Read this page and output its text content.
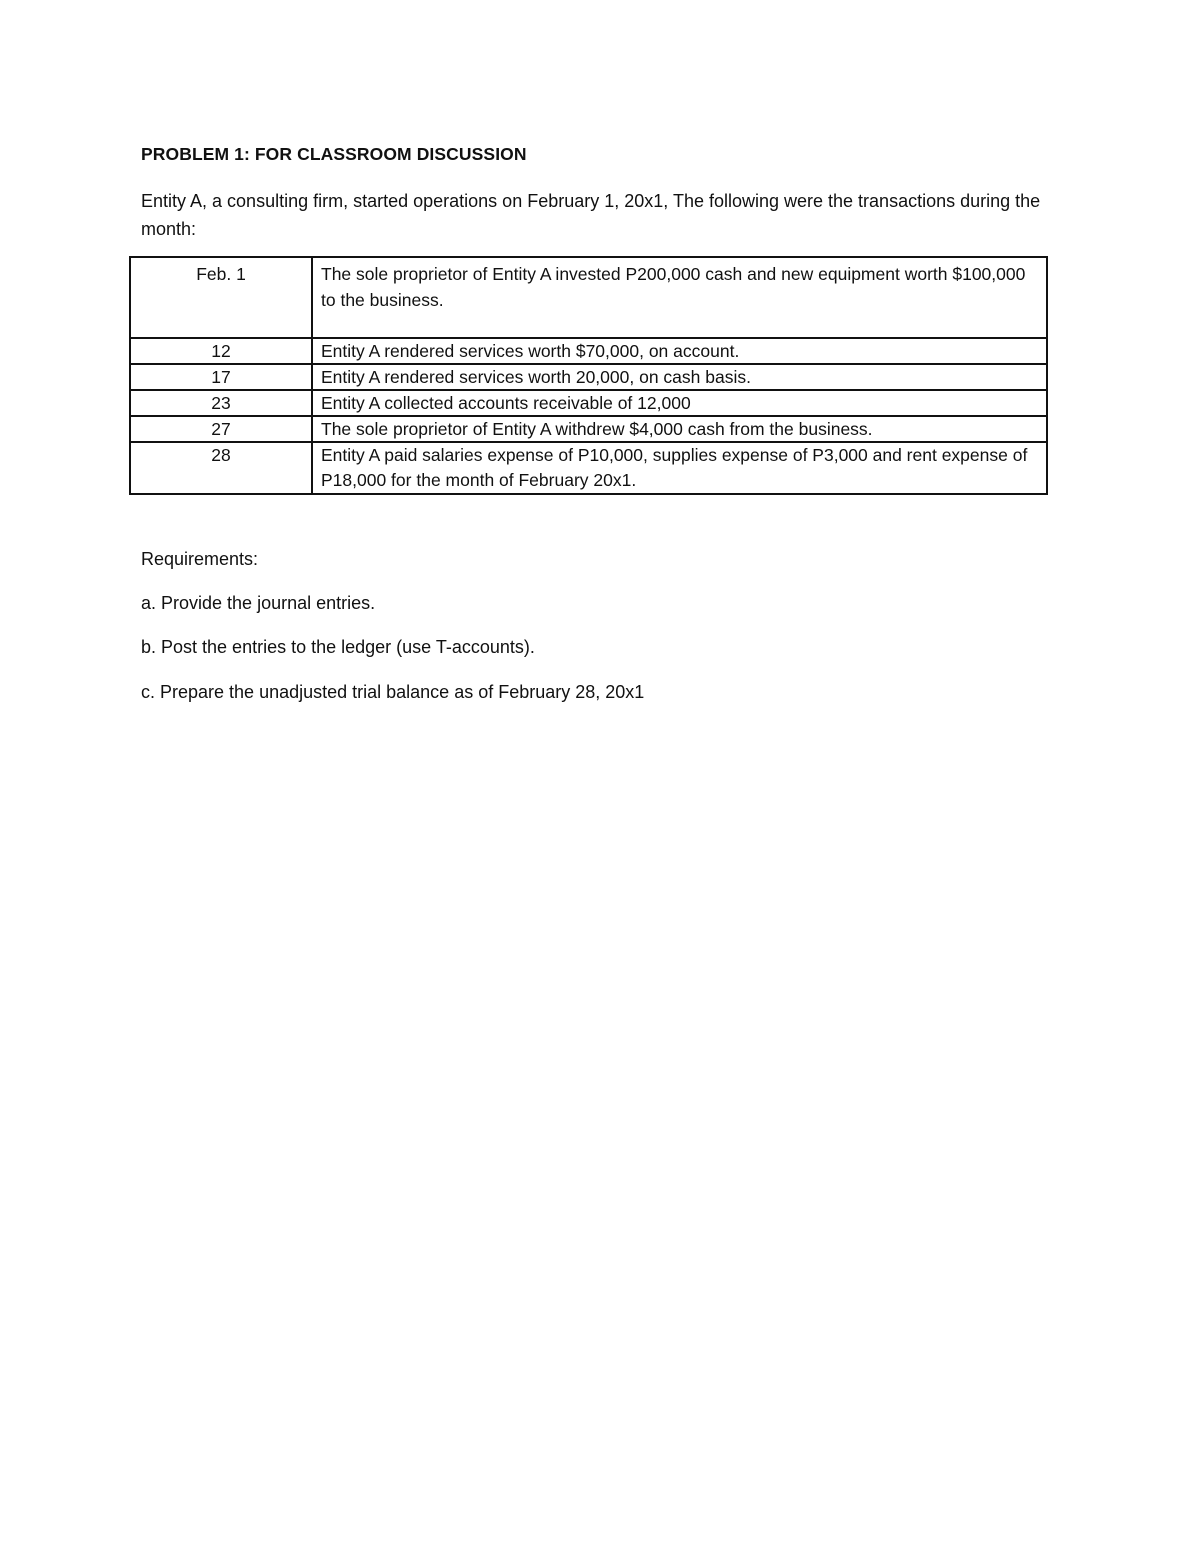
PROBLEM 1: FOR CLASSROOM DISCUSSION
Entity A, a consulting firm, started operations on February 1, 20x1, The following were the transactions during the month:
Feb. 1	The sole proprietor of Entity A invested P200,000 cash and new equipment worth $100,000 to the business.
12	Entity A rendered services worth $70,000, on account.
17	Entity A rendered services worth 20,000, on cash basis.
23	Entity A collected accounts receivable of 12,000
27	The sole proprietor of Entity A withdrew $4,000 cash from the business.
28	Entity A paid salaries expense of P10,000, supplies expense of P3,000 and rent expense of P18,000 for the month of February 20x1.
Requirements:
a. Provide the journal entries.
b. Post the entries to the ledger (use T-accounts).
c. Prepare the unadjusted trial balance as of February 28, 20x1
